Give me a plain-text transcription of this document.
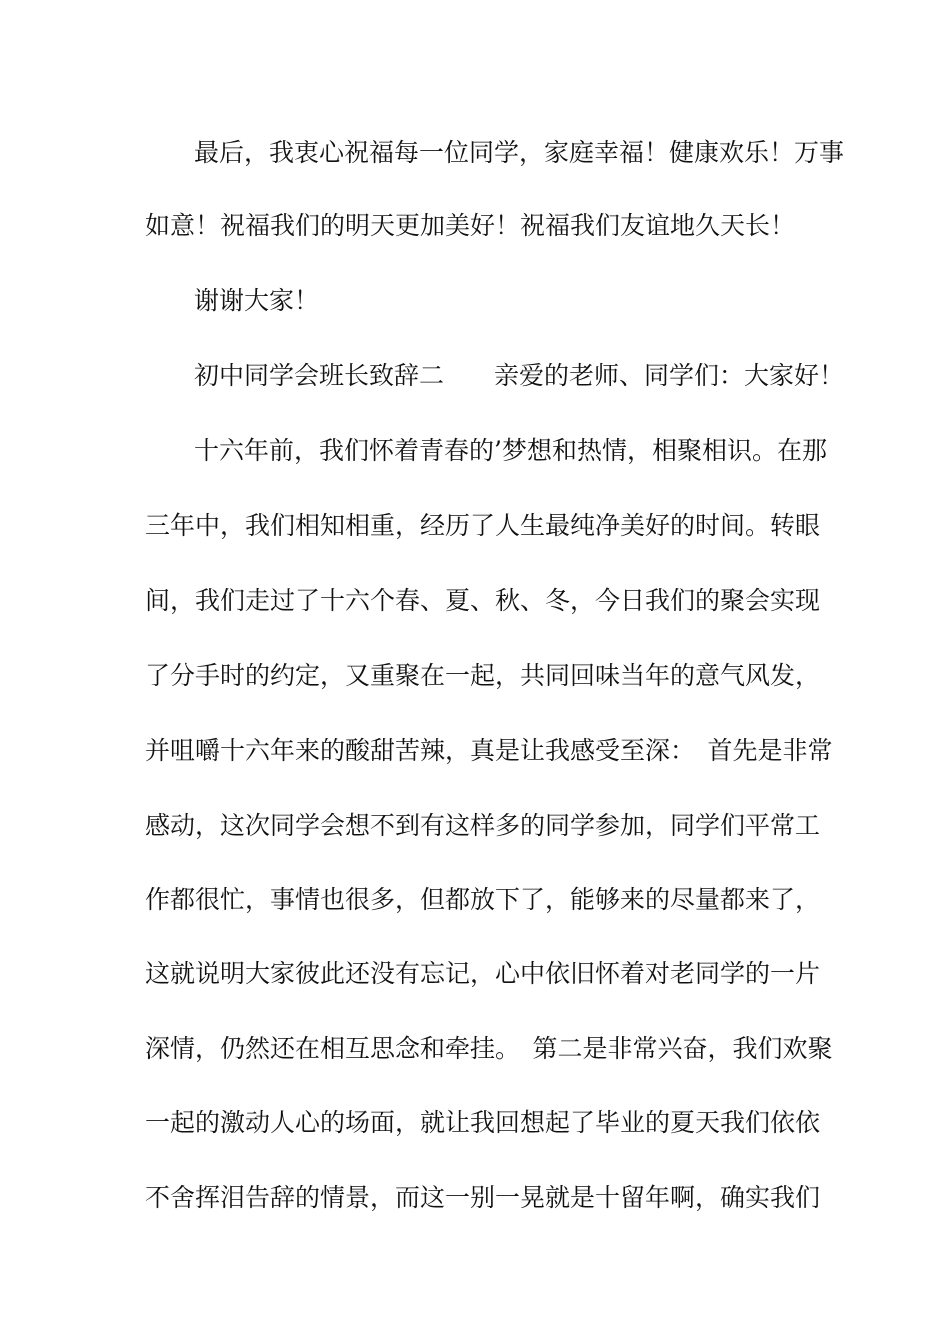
最后，我衷心祝福每一位同学，家庭幸福！健康欢乐！万事
如意！祝福我们的明天更加美好！祝福我们友谊地久天长！
谢谢大家！
初中同学会班长致辞二　　亲爱的老师、同学们：大家好！
十六年前，我们怀着青春的’梦想和热情，相聚相识。在那
三年中，我们相知相重，经历了人生最纯净美好的时间。转眼
间，我们走过了十六个春、夏、秋、冬，今日我们的聚会实现
了分手时的约定，又重聚在一起，共同回味当年的意气风发，
并咀嚼十六年来的酸甜苦辣，真是让我感受至深：　首先是非常
感动，这次同学会想不到有这样多的同学参加，同学们平常工
作都很忙，事情也很多，但都放下了，能够来的尽量都来了，
这就说明大家彼此还没有忘记，心中依旧怀着对老同学的一片
深情，仍然还在相互思念和牵挂。　第二是非常兴奋，我们欢聚
一起的激动人心的场面，就让我回想起了毕业的夏天我们依依
不舍挥泪告辞的情景，而这一别一晃就是十留年啊，确实我们
